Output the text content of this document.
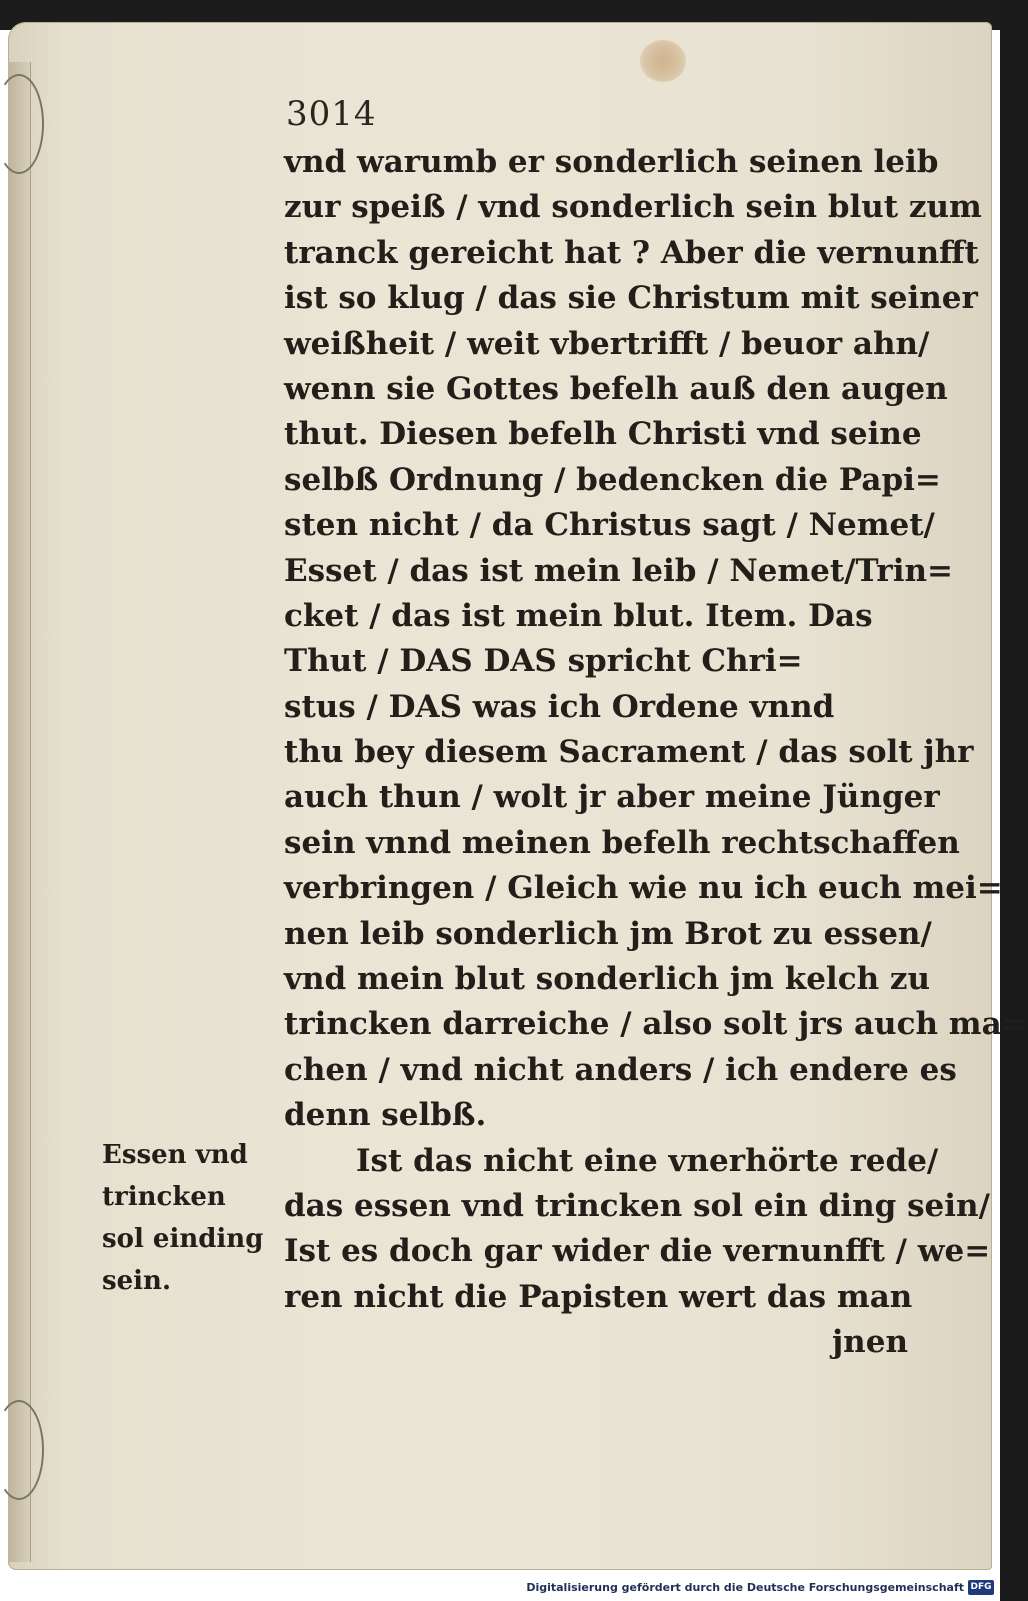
3014
vnd warumb er sonderlich seinen leib
zur speiß / vnd sonderlich sein blut zum
tranck gereicht hat ? Aber die vernunfft
ist so klug / das sie Christum mit seiner
weißheit / weit vbertrifft / beuor ahn/
wenn sie Gottes befelh auß den augen
thut. Diesen befelh Christi vnd seine
selbß Ordnung / bedencken die Papi=
sten nicht / da Christus sagt / Nemet/
Esset / das ist mein leib / Nemet/Trin=
cket / das ist mein blut. Item. Das
Thut / DAS DAS spricht Chri=
stus / DAS was ich Ordene vnnd
thu bey diesem Sacrament / das solt jhr
auch thun / wolt jr aber meine Jünger
sein vnnd meinen befelh rechtschaffen
verbringen / Gleich wie nu ich euch mei=
nen leib sonderlich jm Brot zu essen/
vnd mein blut sonderlich jm kelch zu
trincken darreiche / also solt jrs auch ma=
chen / vnd nicht anders / ich endere es
denn selbß.
Ist das nicht eine vnerhörte rede/
das essen vnd trincken sol ein ding sein/
Ist es doch gar wider die vernunfft / we=
ren nicht die Papisten wert das man
jnen
Essen vnd
trincken
sol einding
sein.
Digitalisierung gefördert durch die Deutsche Forschungsgemeinschaft DFG
